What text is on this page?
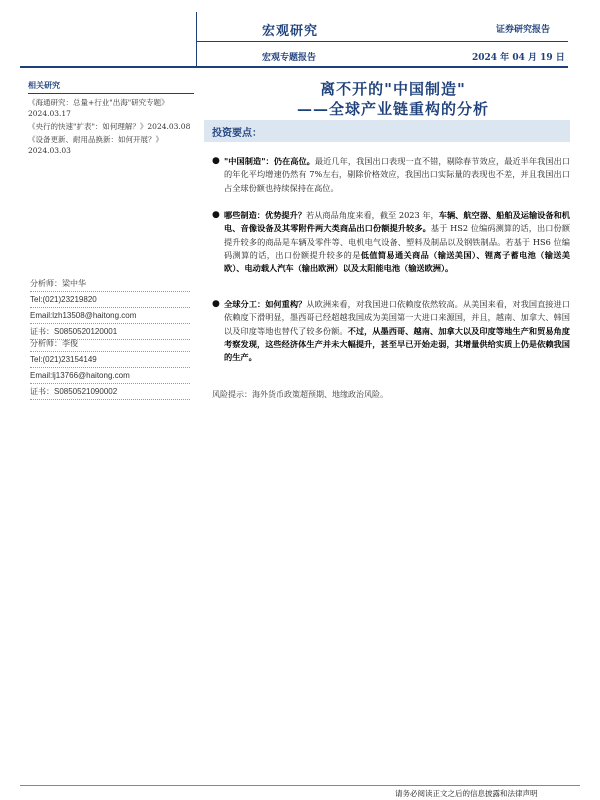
宏观研究	证券研究报告
宏观专题报告	2024 年 04 月 19 日
相关研究
《海通研究：总量+行业"出海"研究专题》2024.03.17
《央行的快速"扩表"：如何理解？》2024.03.08
《设备更新、耐用品换新：如何开展？》2024.03.03
分析师：梁中华
Tel:(021)23219820
Email:lzh13508@haitong.com
证书：S0850520120001
分析师：李俊
Tel:(021)23154149
Email:lj13766@haitong.com
证书：S0850521090002
离不开的"中国制造"
——全球产业链重构的分析
投资要点：
● "中国制造"：仍在高位。最近几年，我国出口表现一直不错，剔除春节效应，最近半年我国出口的年化平均增速仍然有 7%左右，剔除价格效应，我国出口实际量的表现也不差，并且我国出口占全球份额也持续保持在高位。
● 哪些制造：优势提升？若从商品角度来看，截至 2023 年，车辆、航空器、船舶及运输设备和机电、音像设备及其零附件两大类商品出口份额提升较多。基于 HS2 位编码测算的话，出口份额提升较多的商品是车辆及零件等、电机电气设备、塑料及制品以及钢铁制品。若基于 HS6 位编码测算的话，出口份额提升较多的是低值简易通关商品（输送美国）、锂离子蓄电池（输送美欧）、电动载人汽车（输出欧洲）以及太阳能电池（输送欧洲）。
● 全球分工：如何重构？从欧洲来看，对我国进口依赖度依然较高。从美国来看，对我国直接进口依赖度下滑明显，墨西哥已经超越我国成为美国第一大进口来源国，并且，越南、加拿大、韩国以及印度等地也替代了较多份额。不过，从墨西哥、越南、加拿大以及印度等地生产和贸易角度考察发现，这些经济体生产并未大幅提升，甚至早已开始走弱，其增量供给实质上仍是依赖我国的生产。
风险提示：海外货币政策超预期、地缘政治风险。
请务必阅读正文之后的信息披露和法律声明
